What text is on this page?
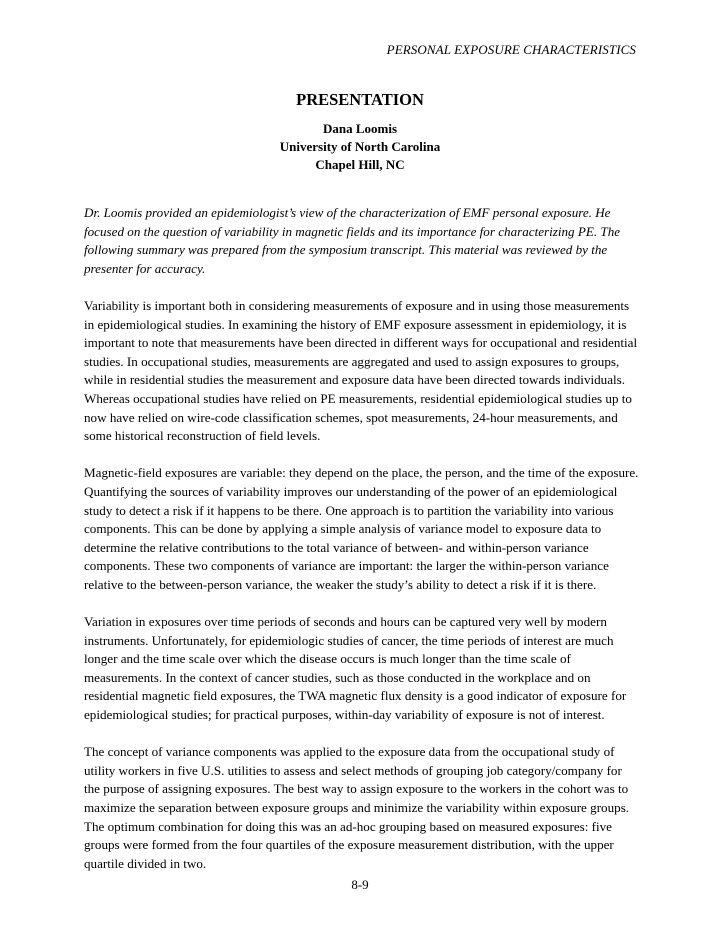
PERSONAL EXPOSURE CHARACTERISTICS
PRESENTATION
Dana Loomis
University of North Carolina
Chapel Hill, NC

Dr. Loomis provided an epidemiologist’s view of the characterization of EMF personal exposure. He focused on the question of variability in magnetic fields and its importance for characterizing PE. The following summary was prepared from the symposium transcript. This material was reviewed by the presenter for accuracy.

Variability is important both in considering measurements of exposure and in using those measurements in epidemiological studies. In examining the history of EMF exposure assessment in epidemiology, it is important to note that measurements have been directed in different ways for occupational and residential studies. In occupational studies, measurements are aggregated and used to assign exposures to groups, while in residential studies the measurement and exposure data have been directed towards individuals. Whereas occupational studies have relied on PE measurements, residential epidemiological studies up to now have relied on wire-code classification schemes, spot measurements, 24-hour measurements, and some historical reconstruction of field levels.

Magnetic-field exposures are variable: they depend on the place, the person, and the time of the exposure. Quantifying the sources of variability improves our understanding of the power of an epidemiological study to detect a risk if it happens to be there. One approach is to partition the variability into various components. This can be done by applying a simple analysis of variance model to exposure data to determine the relative contributions to the total variance of between- and within-person variance components. These two components of variance are important: the larger the within-person variance relative to the between-person variance, the weaker the study’s ability to detect a risk if it is there.

Variation in exposures over time periods of seconds and hours can be captured very well by modern instruments. Unfortunately, for epidemiologic studies of cancer, the time periods of interest are much longer and the time scale over which the disease occurs is much longer than the time scale of measurements. In the context of cancer studies, such as those conducted in the workplace and on residential magnetic field exposures, the TWA magnetic flux density is a good indicator of exposure for epidemiological studies; for practical purposes, within-day variability of exposure is not of interest.

The concept of variance components was applied to the exposure data from the occupational study of utility workers in five U.S. utilities to assess and select methods of grouping job category/company for the purpose of assigning exposures. The best way to assign exposure to the workers in the cohort was to maximize the separation between exposure groups and minimize the variability within exposure groups. The optimum combination for doing this was an ad-hoc grouping based on measured exposures: five groups were formed from the four quartiles of the exposure measurement distribution, with the upper quartile divided in two.

8-9
